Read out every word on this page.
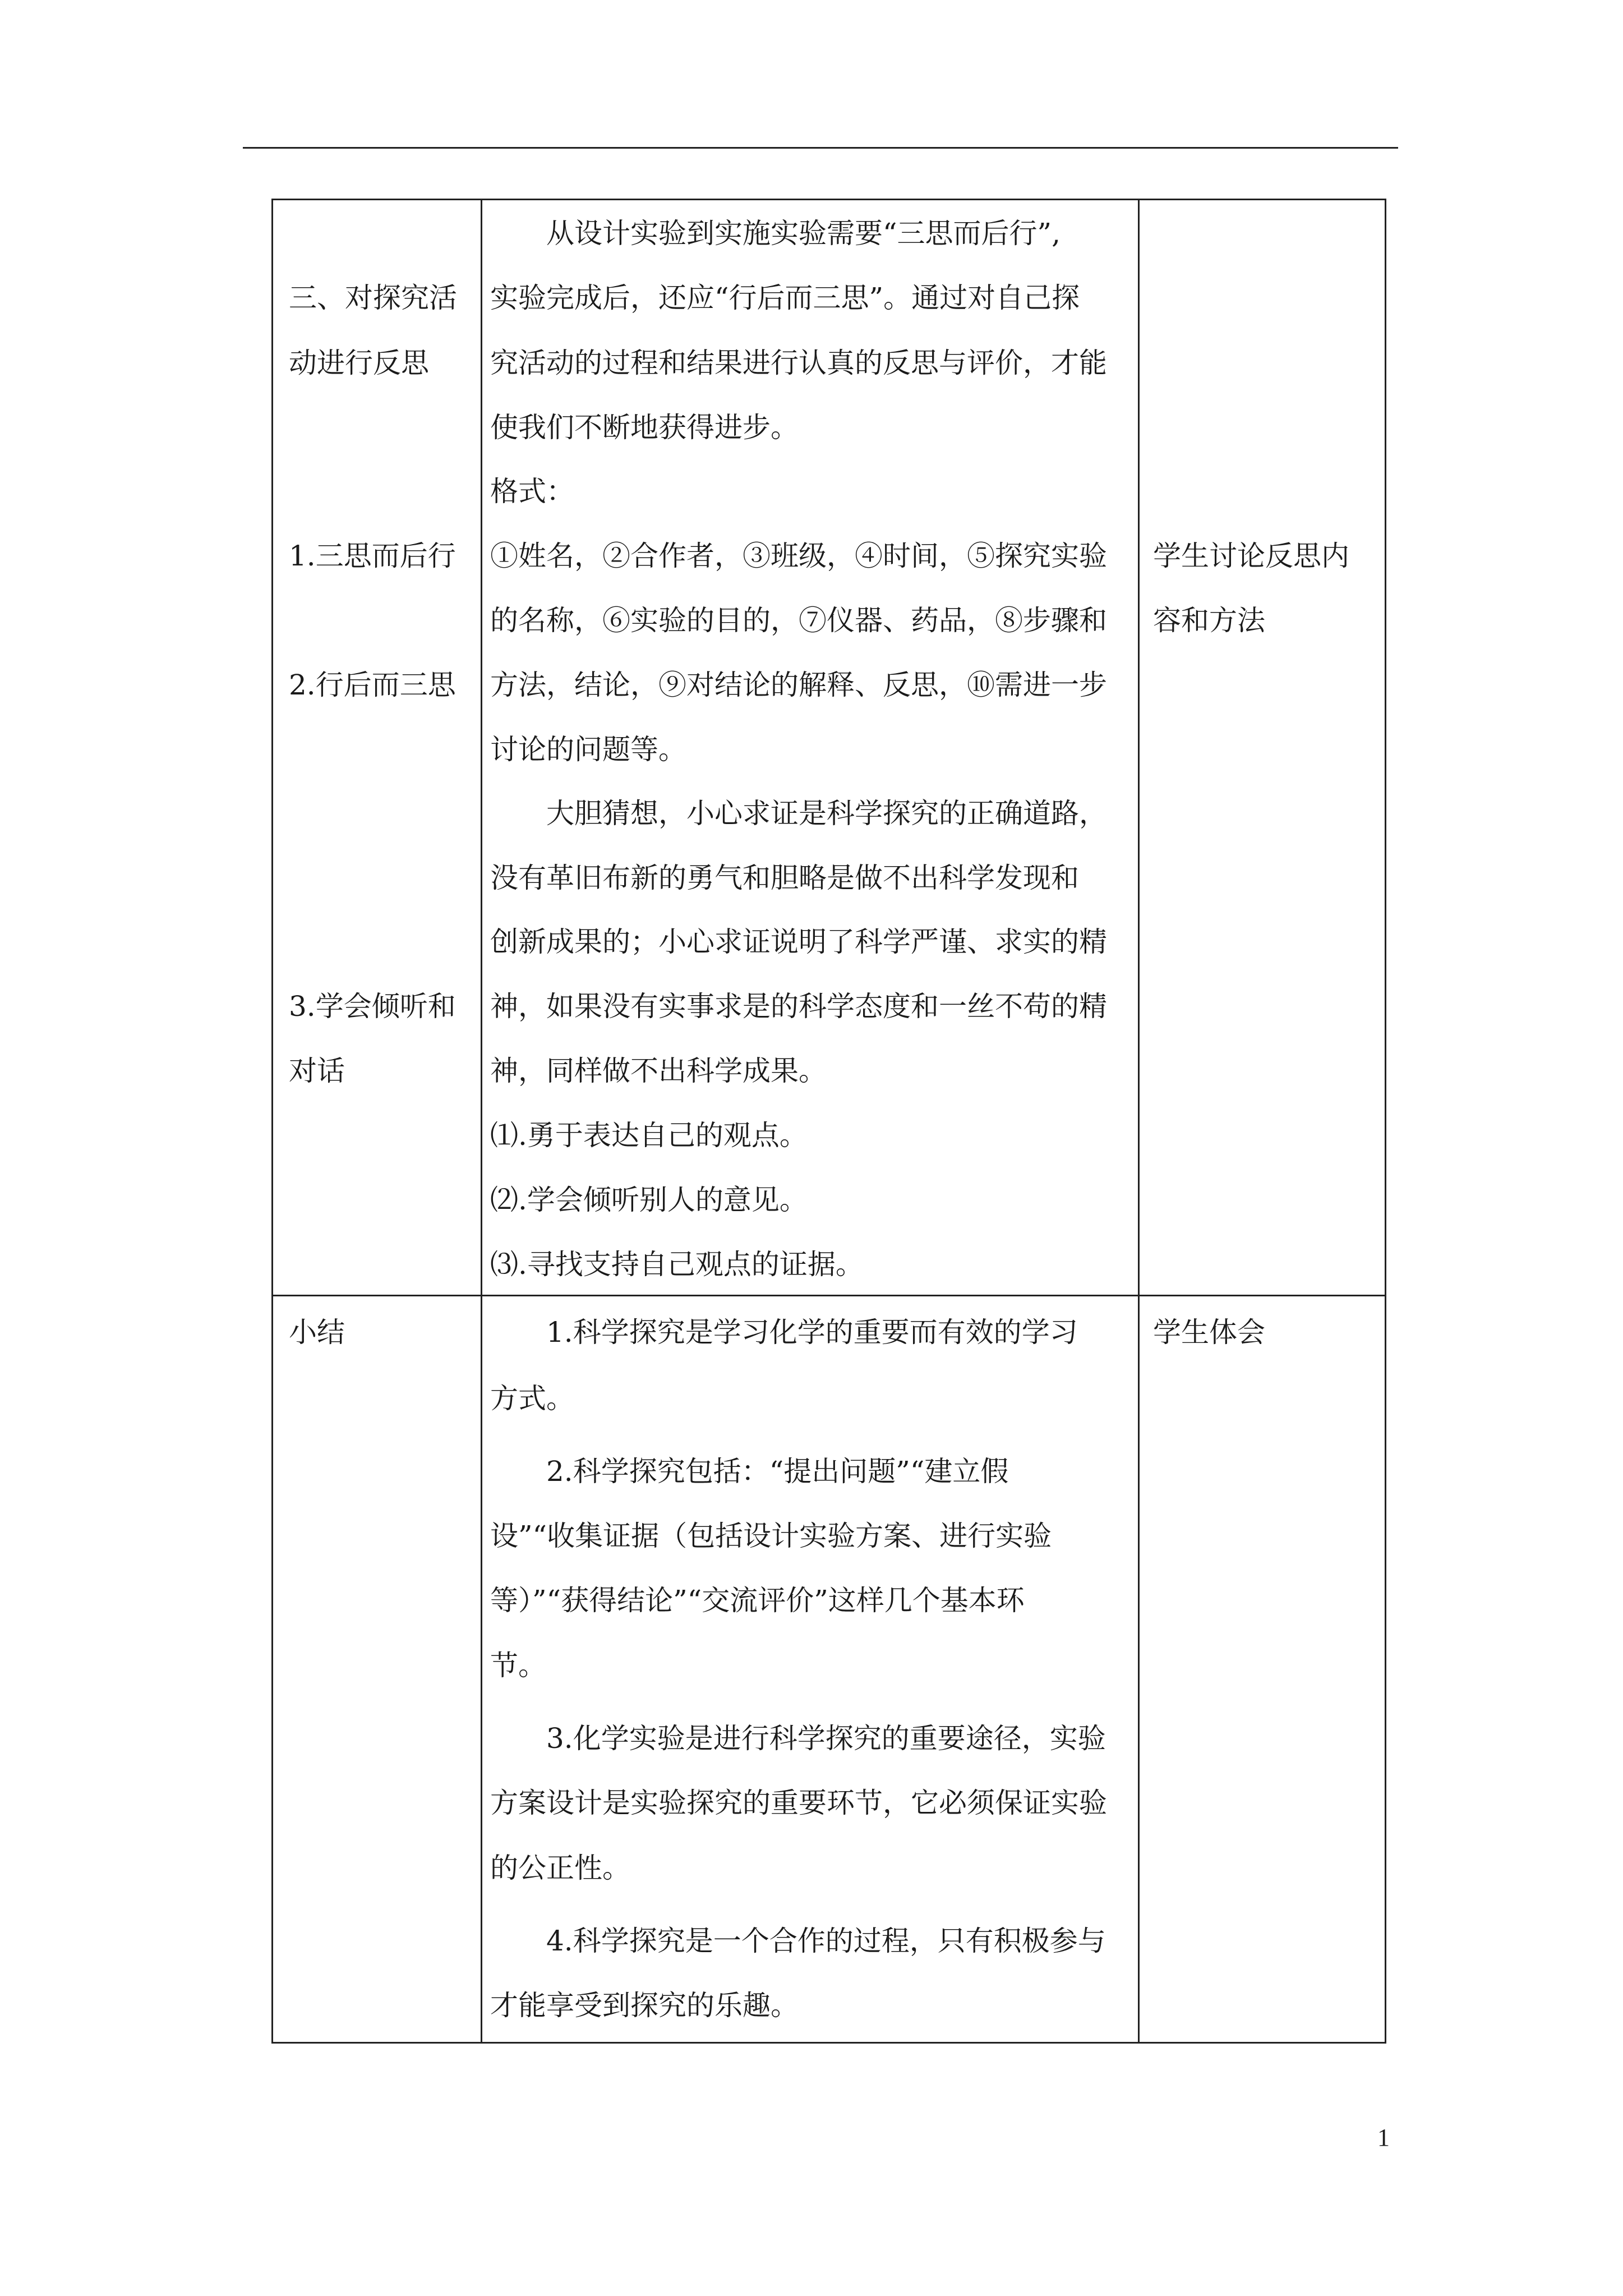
三、对探究活
动进行反思
1.三思而后行
2.行后而三思
3.学会倾听和
对话
从设计实验到实施实验需要“三思而后行”,
实验完成后，还应“行后而三思”。通过对自己探
究活动的过程和结果进行认真的反思与评价，才能
使我们不断地获得进步。
格式：
①姓名，②合作者，③班级，④时间，⑤探究实验
的名称，⑥实验的目的，⑦仪器、药品，⑧步骤和
方法，结论，⑨对结论的解释、反思，⑩需进一步
讨论的问题等。
大胆猜想，小心求证是科学探究的正确道路，
没有革旧布新的勇气和胆略是做不出科学发现和
创新成果的；小心求证说明了科学严谨、求实的精
神，如果没有实事求是的科学态度和一丝不苟的精
神，同样做不出科学成果。
⑴.勇于表达自己的观点。
⑵.学会倾听别人的意见。
⑶.寻找支持自己观点的证据。
学生讨论反思内
容和方法
小结	1.科学探究是学习化学的重要而有效的学习
方式。
2.科学探究包括：“提出问题”“建立假
设”“收集证据（包括设计实验方案、进行实验
等）”“获得结论”“交流评价”这样几个基本环
节。
3.化学实验是进行科学探究的重要途径，实验
方案设计是实验探究的重要环节，它必须保证实验
的公正性。
4.科学探究是一个合作的过程，只有积极参与
才能享受到探究的乐趣。
学生体会
1
